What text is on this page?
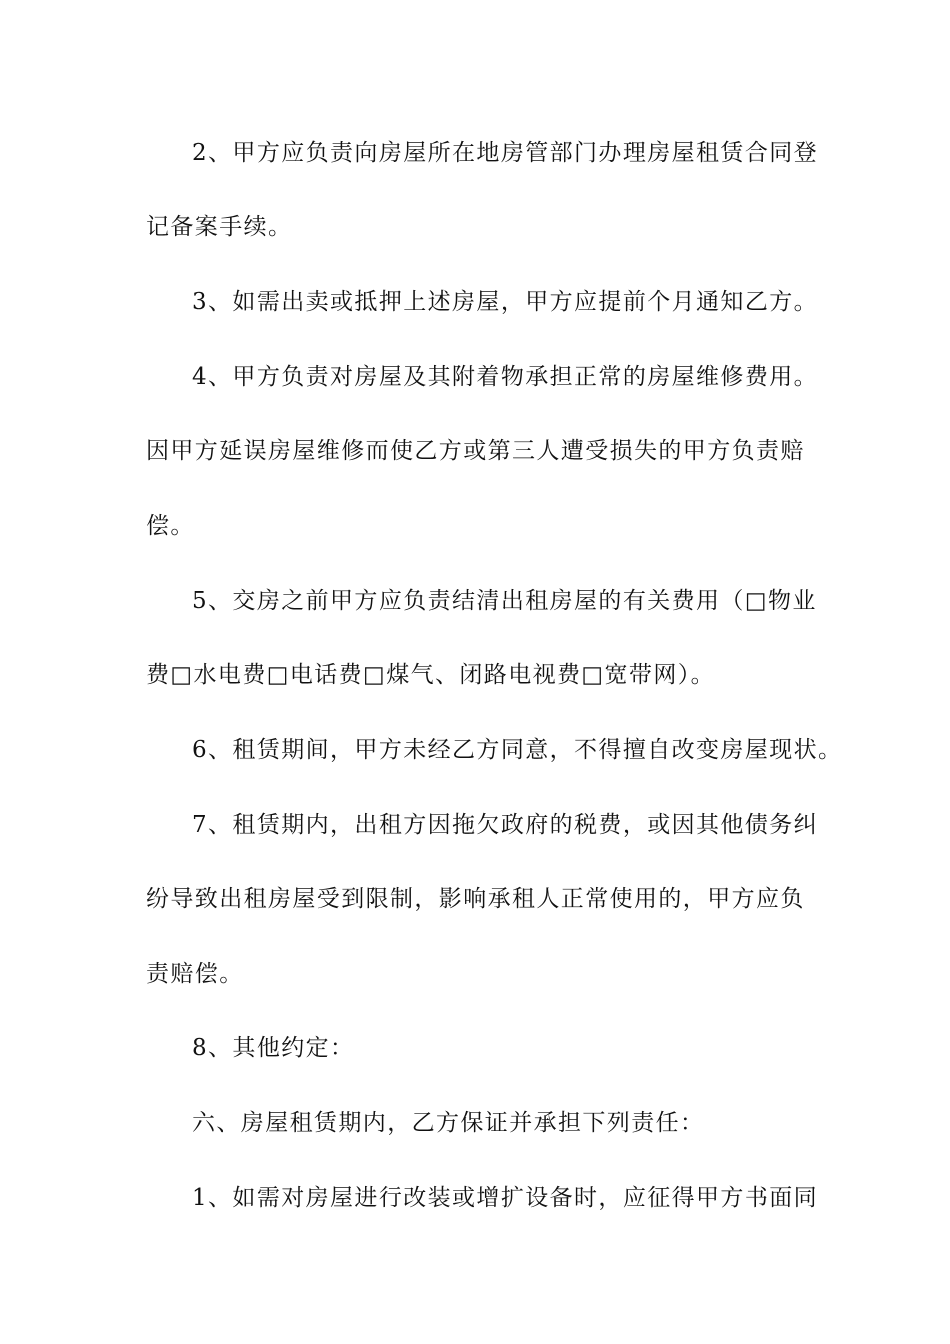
2、甲方应负责向房屋所在地房管部门办理房屋租赁合同登
记备案手续。
3、如需出卖或抵押上述房屋，甲方应提前个月通知乙方。
4、甲方负责对房屋及其附着物承担正常的房屋维修费用。
因甲方延误房屋维修而使乙方或第三人遭受损失的甲方负责赔
偿。
5、交房之前甲方应负责结清出租房屋的有关费用（□物业
费□水电费□电话费□煤气、闭路电视费□宽带网）。
6、租赁期间，甲方未经乙方同意，不得擅自改变房屋现状。
7、租赁期内，出租方因拖欠政府的税费，或因其他债务纠
纷导致出租房屋受到限制，影响承租人正常使用的，甲方应负
责赔偿。
8、其他约定：
六、房屋租赁期内，乙方保证并承担下列责任：
1、如需对房屋进行改装或增扩设备时，应征得甲方书面同
